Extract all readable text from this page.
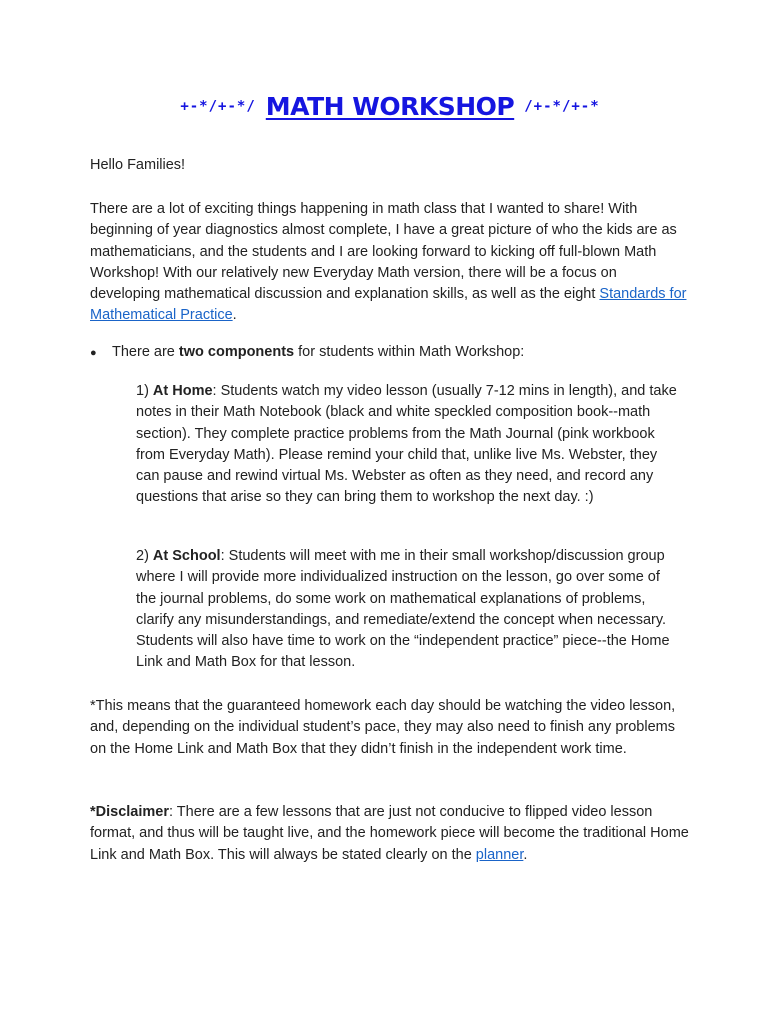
+-*/+-*/ MATH WORKSHOP /+-*/+-*

Hello Families!

There are a lot of exciting things happening in math class that I wanted to share! With beginning of year diagnostics almost complete, I have a great picture of who the kids are as mathematicians, and the students and I are looking forward to kicking off full-blown Math Workshop! With our relatively new Everyday Math version, there will be a focus on developing mathematical discussion and explanation skills, as well as the eight Standards for Mathematical Practice.

● There are two components for students within Math Workshop:

1) At Home: Students watch my video lesson (usually 7-12 mins in length), and take notes in their Math Notebook (black and white speckled composition book--math section). They complete practice problems from the Math Journal (pink workbook from Everyday Math). Please remind your child that, unlike live Ms. Webster, they can pause and rewind virtual Ms. Webster as often as they need, and record any questions that arise so they can bring them to workshop the next day. :)

2) At School: Students will meet with me in their small workshop/discussion group where I will provide more individualized instruction on the lesson, go over some of the journal problems, do some work on mathematical explanations of problems, clarify any misunderstandings, and remediate/extend the concept when necessary. Students will also have time to work on the “independent practice” piece--the Home Link and Math Box for that lesson.

*This means that the guaranteed homework each day should be watching the video lesson, and, depending on the individual student’s pace, they may also need to finish any problems on the Home Link and Math Box that they didn’t finish in the independent work time.

*Disclaimer: There are a few lessons that are just not conducive to flipped video lesson format, and thus will be taught live, and the homework piece will become the traditional Home Link and Math Box. This will always be stated clearly on the planner.
